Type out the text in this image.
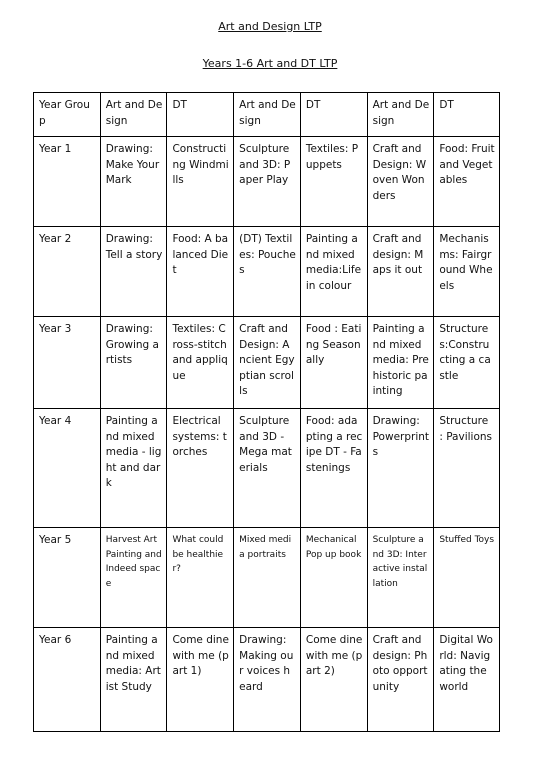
Art and Design LTP
Years 1-6 Art and DT LTP
Year Group	Art and Design	DT	Art and Design	DT	Art and Design	DT
Year 1	Drawing: Make Your Mark	Constructing Windmills	Sculpture and 3D: Paper Play	Textiles: Puppets	Craft and Design: Woven Wonders	Food: Fruit and Vegetables
Year 2	Drawing: Tell a story	Food: A balanced Diet	(DT) Textiles: Pouches	Painting and mixed media:Life in colour	Craft and design: Maps it out	Mechanisms: Fairground Wheels
Year 3	Drawing: Growing artists	Textiles: Cross-stitch and applique	Craft and Design: Ancient Egyptian scrolls	Food : Eating Seasonally	Painting and mixed media: Prehistoric painting	Structures:Constructing a castle
Year 4	Painting and mixed media - light and dark	Electrical systems: torches	Sculpture and 3D - Mega materials	Food: adapting a recipe DT - Fastenings	Drawing: Powerprints	Structure : Pavilions
Year 5	Harvest Art Painting and Indeed space	What could be healthier?	Mixed media portraits	Mechanical Pop up book	Sculpture and 3D: Interactive installation	Stuffed Toys
Year 6	Painting and mixed media: Artist Study	Come dine with me (part 1)	Drawing: Making our voices heard	Come dine with me (part 2)	Craft and design: Photo opportunity	Digital World: Navigating the world
